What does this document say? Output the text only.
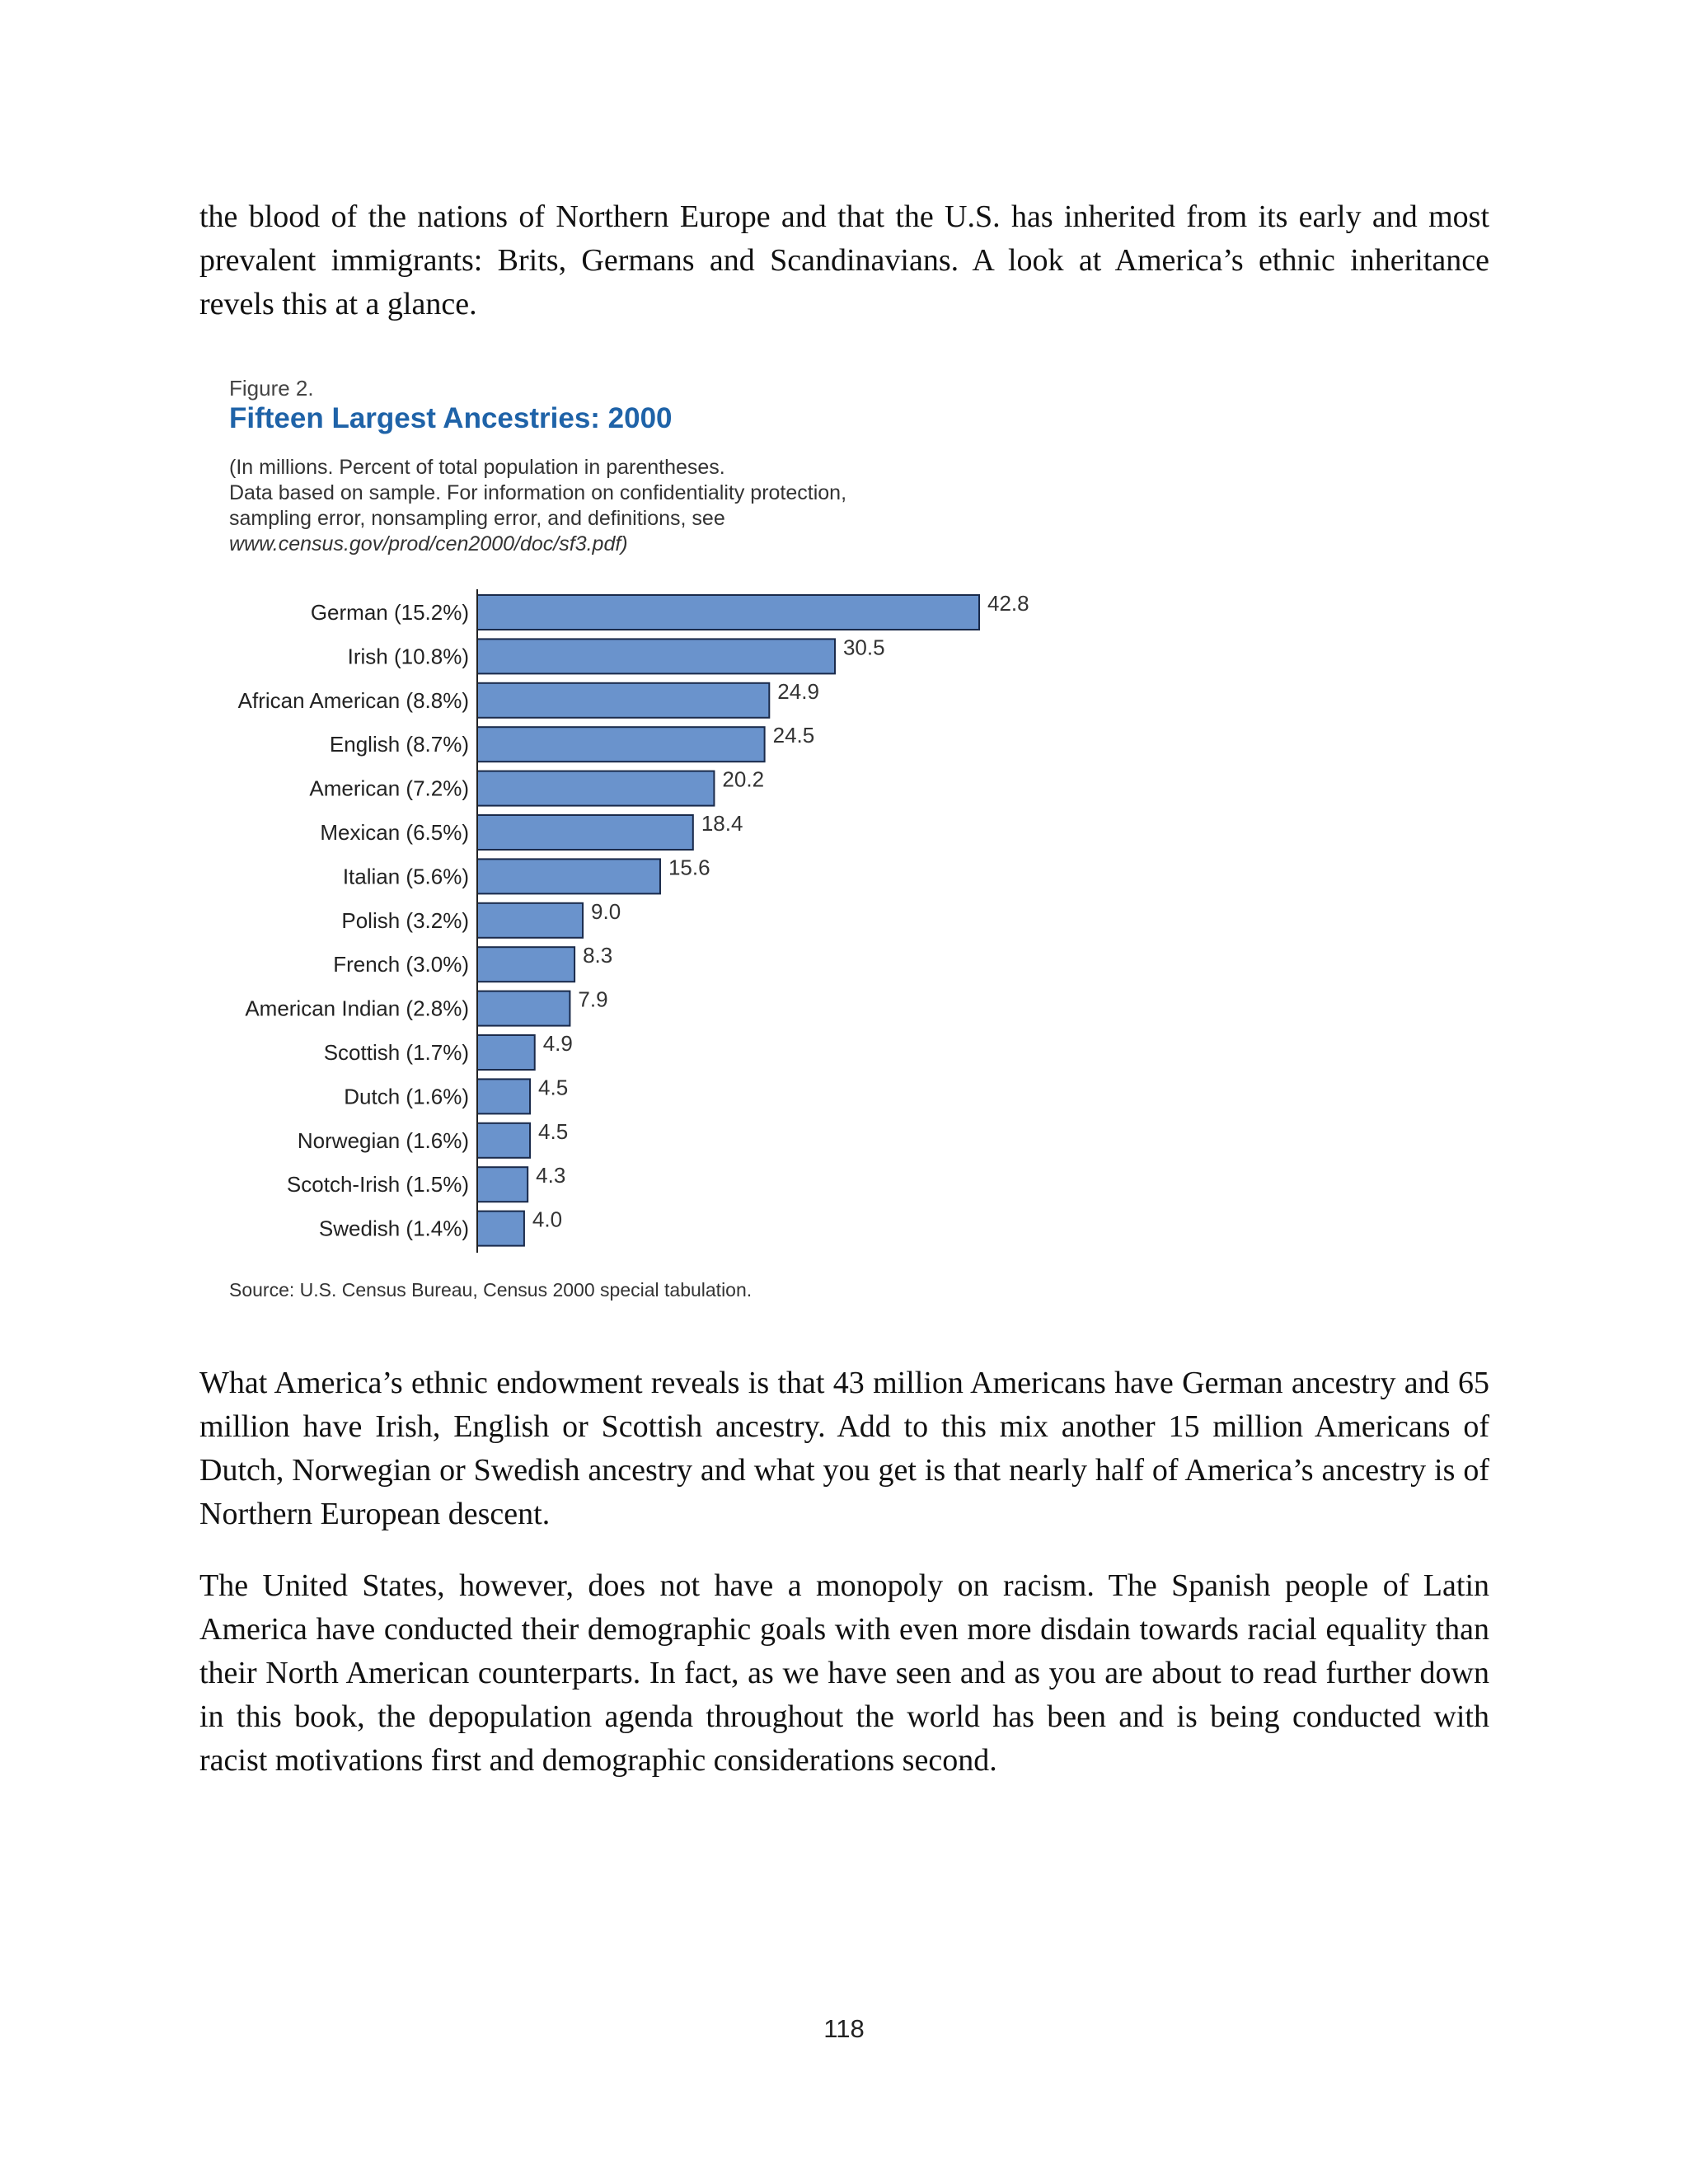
the blood of the nations of Northern Europe and that the U.S. has inherited from its early and most prevalent immigrants: Brits, Germans and Scandinavians. A look at America’s ethnic inheritance revels this at a glance.

Figure 2.
Fifteen Largest Ancestries: 2000
(In millions. Percent of total population in parentheses.
Data based on sample. For information on confidentiality protection,
sampling error, nonsampling error, and definitions, see
www.census.gov/prod/cen2000/doc/sf3.pdf)
German (15.2%)	42.8
Irish (10.8%)	30.5
African American (8.8%)	24.9
English (8.7%)	24.5
American (7.2%)	20.2
Mexican (6.5%)	18.4
Italian (5.6%)	15.6
Polish (3.2%)	9.0
French (3.0%)	8.3
American Indian (2.8%)	7.9
Scottish (1.7%)	4.9
Dutch (1.6%)	4.5
Norwegian (1.6%)	4.5
Scotch-Irish (1.5%)	4.3
Swedish (1.4%)	4.0
Source: U.S. Census Bureau, Census 2000 special tabulation.

What America’s ethnic endowment reveals is that 43 million Americans have German ancestry and 65 million have Irish, English or Scottish ancestry. Add to this mix another 15 million Americans of Dutch, Norwegian or Swedish ancestry and what you get is that nearly half of America’s ancestry is of Northern European descent.

The United States, however, does not have a monopoly on racism. The Spanish people of Latin America have conducted their demographic goals with even more disdain towards racial equality than their North American counterparts. In fact, as we have seen and as you are about to read further down in this book, the depopulation agenda throughout the world has been and is being conducted with racist motivations first and demographic considerations second.

118
